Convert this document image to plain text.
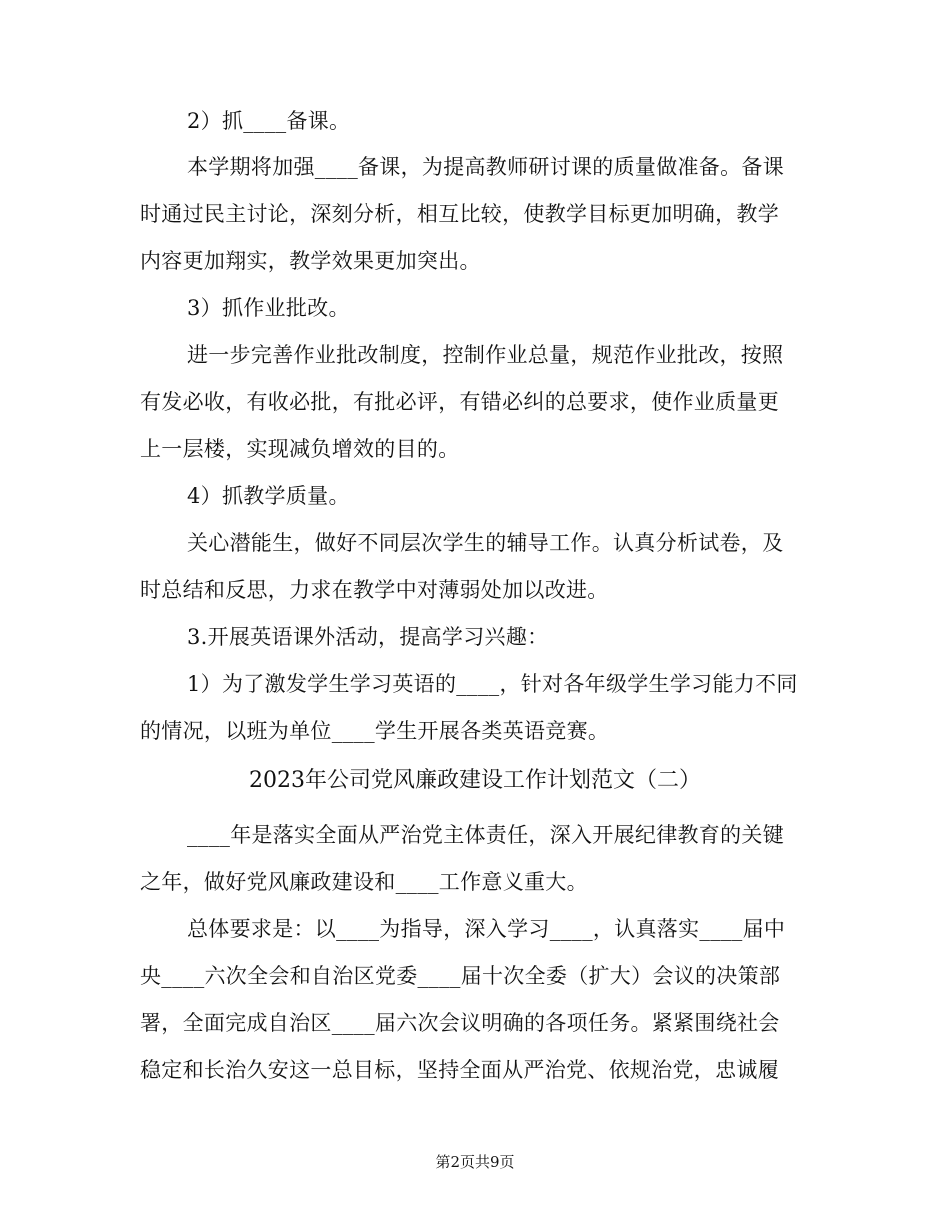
2）抓____备课。
本学期将加强____备课，为提高教师研讨课的质量做准备。备课
时通过民主讨论，深刻分析，相互比较，使教学目标更加明确，教学
内容更加翔实，教学效果更加突出。
3）抓作业批改。
进一步完善作业批改制度，控制作业总量，规范作业批改，按照
有发必收，有收必批，有批必评，有错必纠的总要求，使作业质量更
上一层楼，实现减负增效的目的。
4）抓教学质量。
关心潜能生，做好不同层次学生的辅导工作。认真分析试卷，及
时总结和反思，力求在教学中对薄弱处加以改进。
3.开展英语课外活动，提高学习兴趣：
1）为了激发学生学习英语的____，针对各年级学生学习能力不同
的情况，以班为单位____学生开展各类英语竞赛。
2023年公司党风廉政建设工作计划范文（二）
____年是落实全面从严治党主体责任，深入开展纪律教育的关键
之年，做好党风廉政建设和____工作意义重大。
总体要求是：以____为指导，深入学习____，认真落实____届中
央____六次全会和自治区党委____届十次全委（扩大）会议的决策部
署，全面完成自治区____届六次会议明确的各项任务。紧紧围绕社会
稳定和长治久安这一总目标，坚持全面从严治党、依规治党，忠诚履
第2页共9页
